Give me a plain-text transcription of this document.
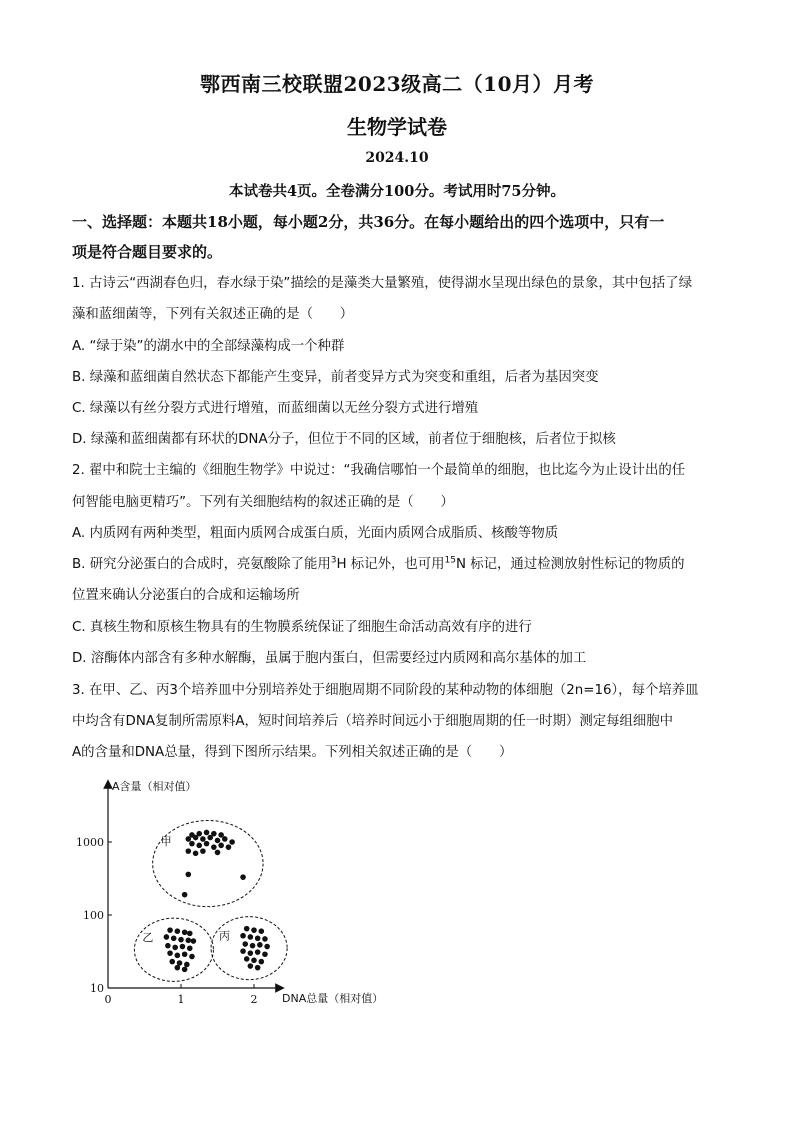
鄂西南三校联盟2023级高二（10月）月考
生物学试卷
2024.10
本试卷共4页。全卷满分100分。考试用时75分钟。
一、选择题：本题共18小题，每小题2分，共36分。在每小题给出的四个选项中，只有一
项是符合题目要求的。
1. 古诗云“西湖春色归，春水绿于染”描绘的是藻类大量繁殖，使得湖水呈现出绿色的景象，其中包括了绿
藻和蓝细菌等，下列有关叙述正确的是（　　）
A. “绿于染”的湖水中的全部绿藻构成一个种群
B. 绿藻和蓝细菌自然状态下都能产生变异，前者变异方式为突变和重组，后者为基因突变
C. 绿藻以有丝分裂方式进行增殖，而蓝细菌以无丝分裂方式进行增殖
D. 绿藻和蓝细菌都有环状的DNA分子，但位于不同的区域，前者位于细胞核，后者位于拟核
2. 翟中和院士主编的《细胞生物学》中说过：“我确信哪怕一个最简单的细胞，也比迄今为止设计出的任
何智能电脑更精巧”。下列有关细胞结构的叙述正确的是（　　）
A. 内质网有两种类型，粗面内质网合成蛋白质，光面内质网合成脂质、核酸等物质
B. 研究分泌蛋白的合成时，亮氨酸除了能用$^3$H 标记外，也可用$^{15}$N 标记，通过检测放射性标记的物质的
位置来确认分泌蛋白的合成和运输场所
C. 真核生物和原核生物具有的生物膜系统保证了细胞生命活动高效有序的进行
D. 溶酶体内部含有多种水解酶，虽属于胞内蛋白，但需要经过内质网和高尔基体的加工
3. 在甲、乙、丙3个培养皿中分别培养处于细胞周期不同阶段的某种动物的体细胞（2n=16），每个培养皿
中均含有DNA复制所需原料A，短时间培养后（培养时间远小于细胞周期的任一时期）测定每组细胞中
A的含量和DNA总量，得到下图所示结果。下列相关叙述正确的是（　　）
A含量（相对值）
DNA总量（相对值）
1000
100
10
0	1	2
甲
乙	丙
